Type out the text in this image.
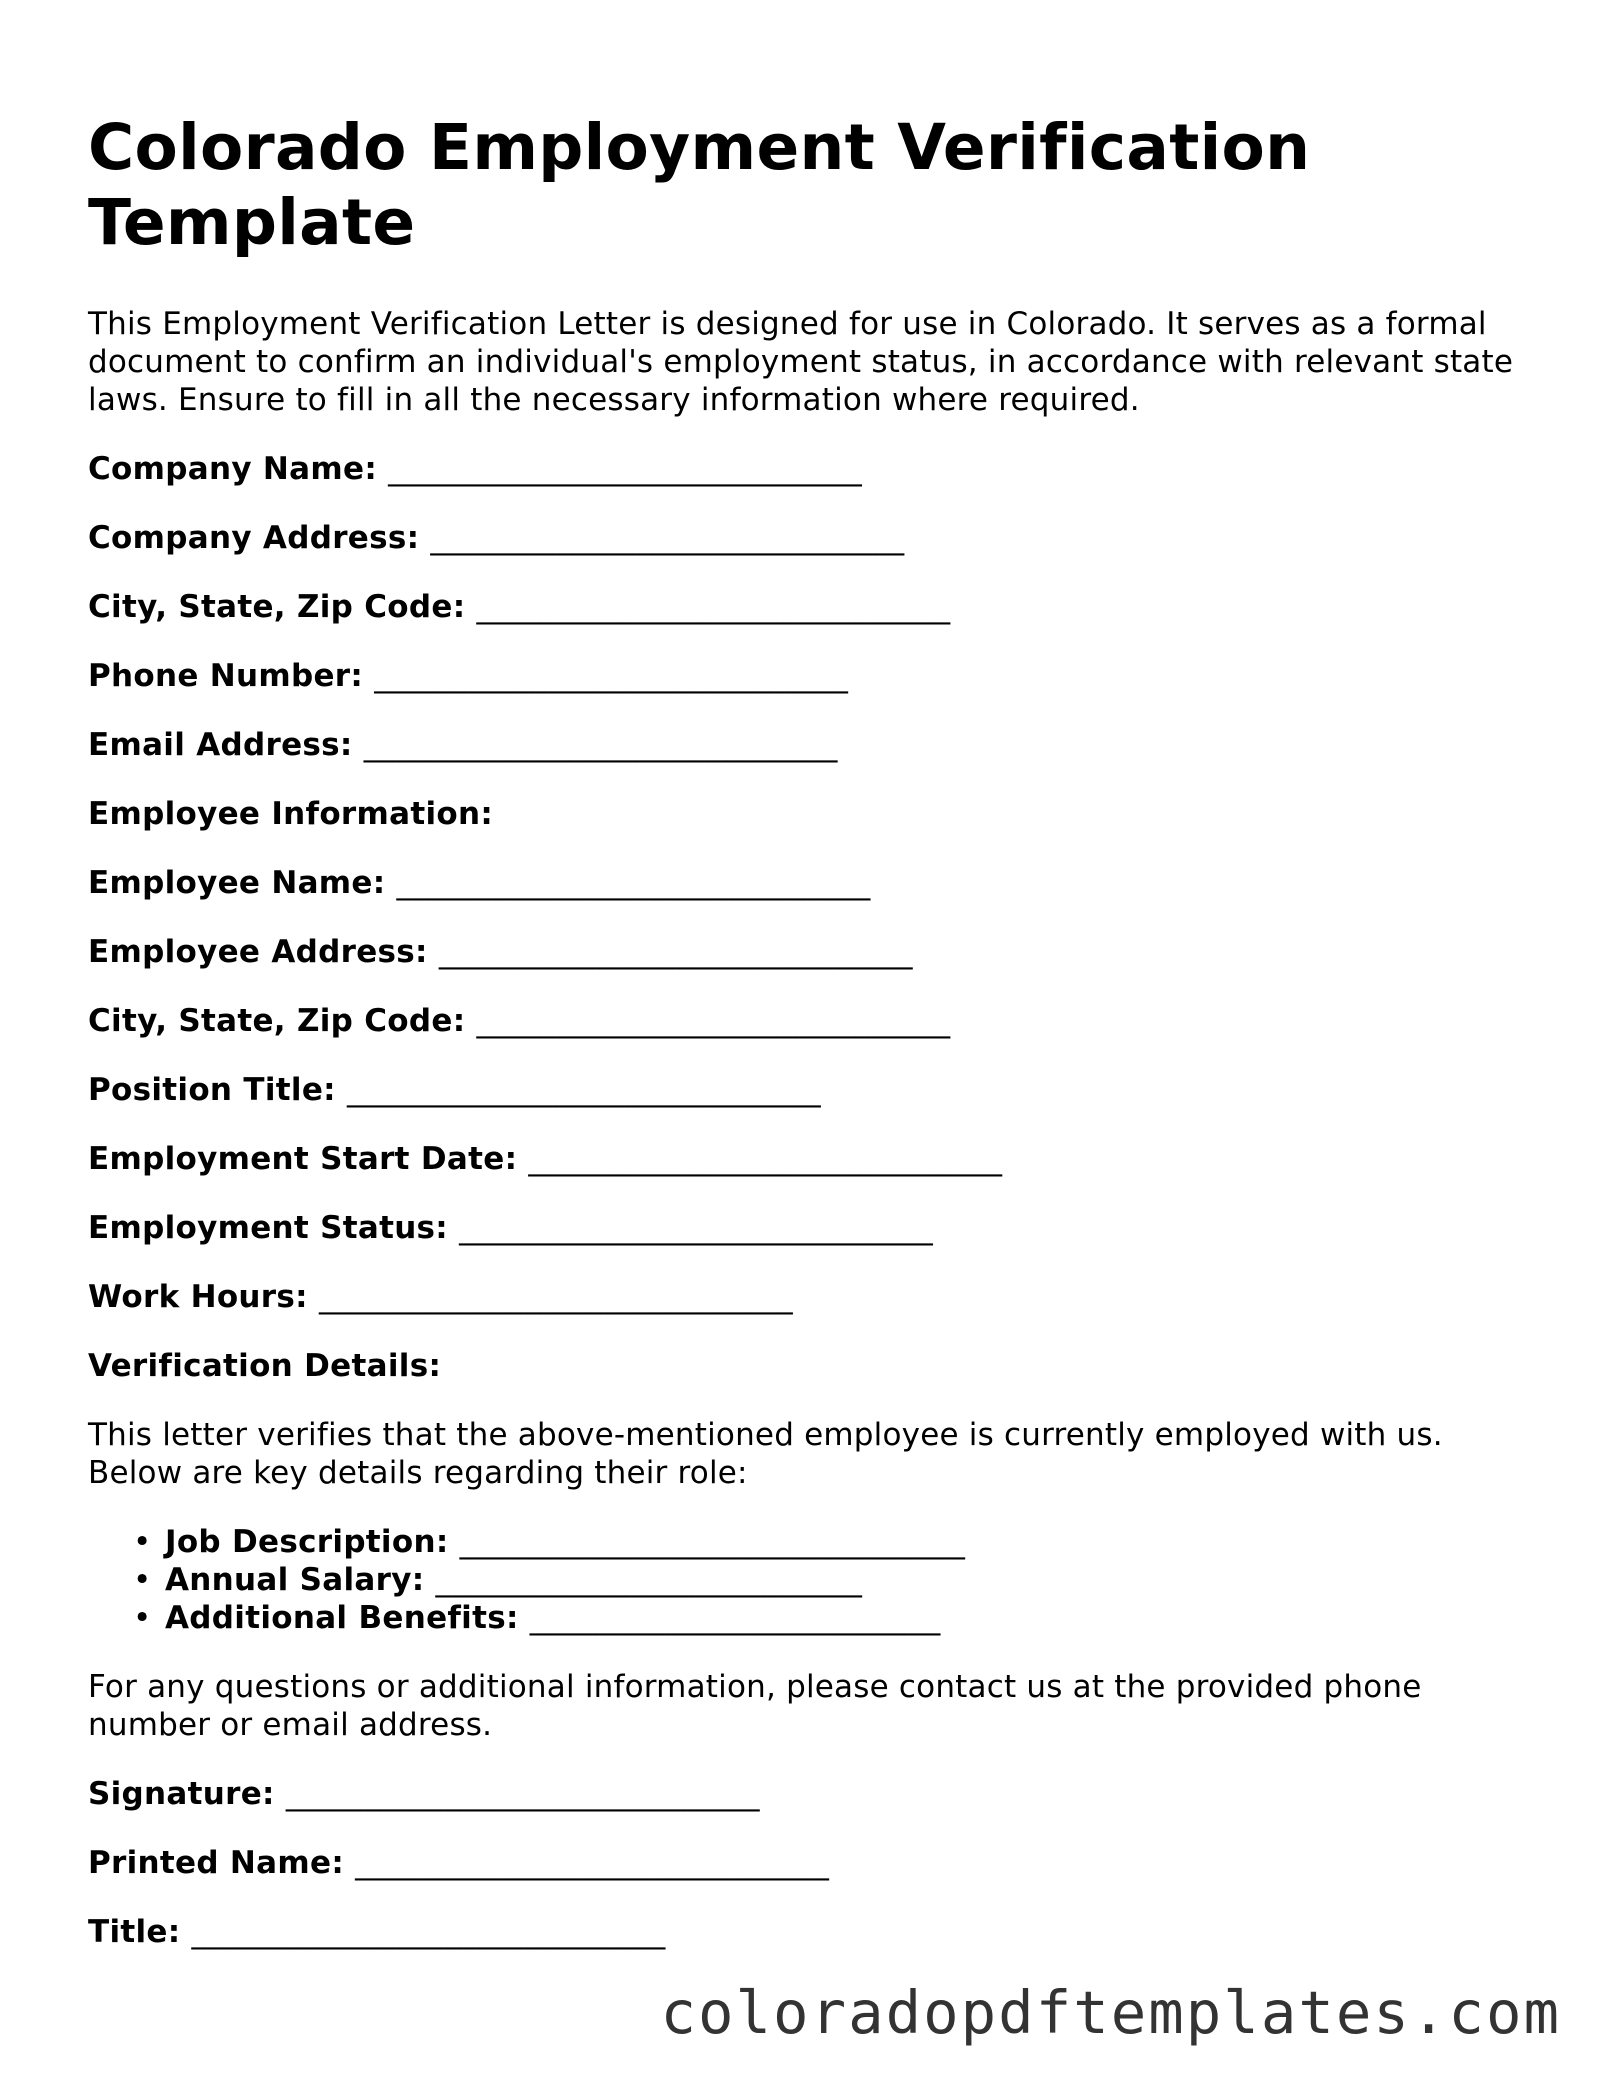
Colorado Employment Verification Template

This Employment Verification Letter is designed for use in Colorado. It serves as a formal document to confirm an individual's employment status, in accordance with relevant state laws. Ensure to fill in all the necessary information where required.

Company Name: ______________________________
Company Address: ______________________________
City, State, Zip Code: ______________________________
Phone Number: ______________________________
Email Address: ______________________________
Employee Information:
Employee Name: ______________________________
Employee Address: ______________________________
City, State, Zip Code: ______________________________
Position Title: ______________________________
Employment Start Date: ______________________________
Employment Status: ______________________________
Work Hours: ______________________________
Verification Details:

This letter verifies that the above-mentioned employee is currently employed with us. Below are key details regarding their role:

• Job Description: ________________________________
• Annual Salary: ___________________________
• Additional Benefits: __________________________

For any questions or additional information, please contact us at the provided phone number or email address.

Signature: ______________________________
Printed Name: ______________________________
Title: ______________________________
coloradopdftemplates.com
